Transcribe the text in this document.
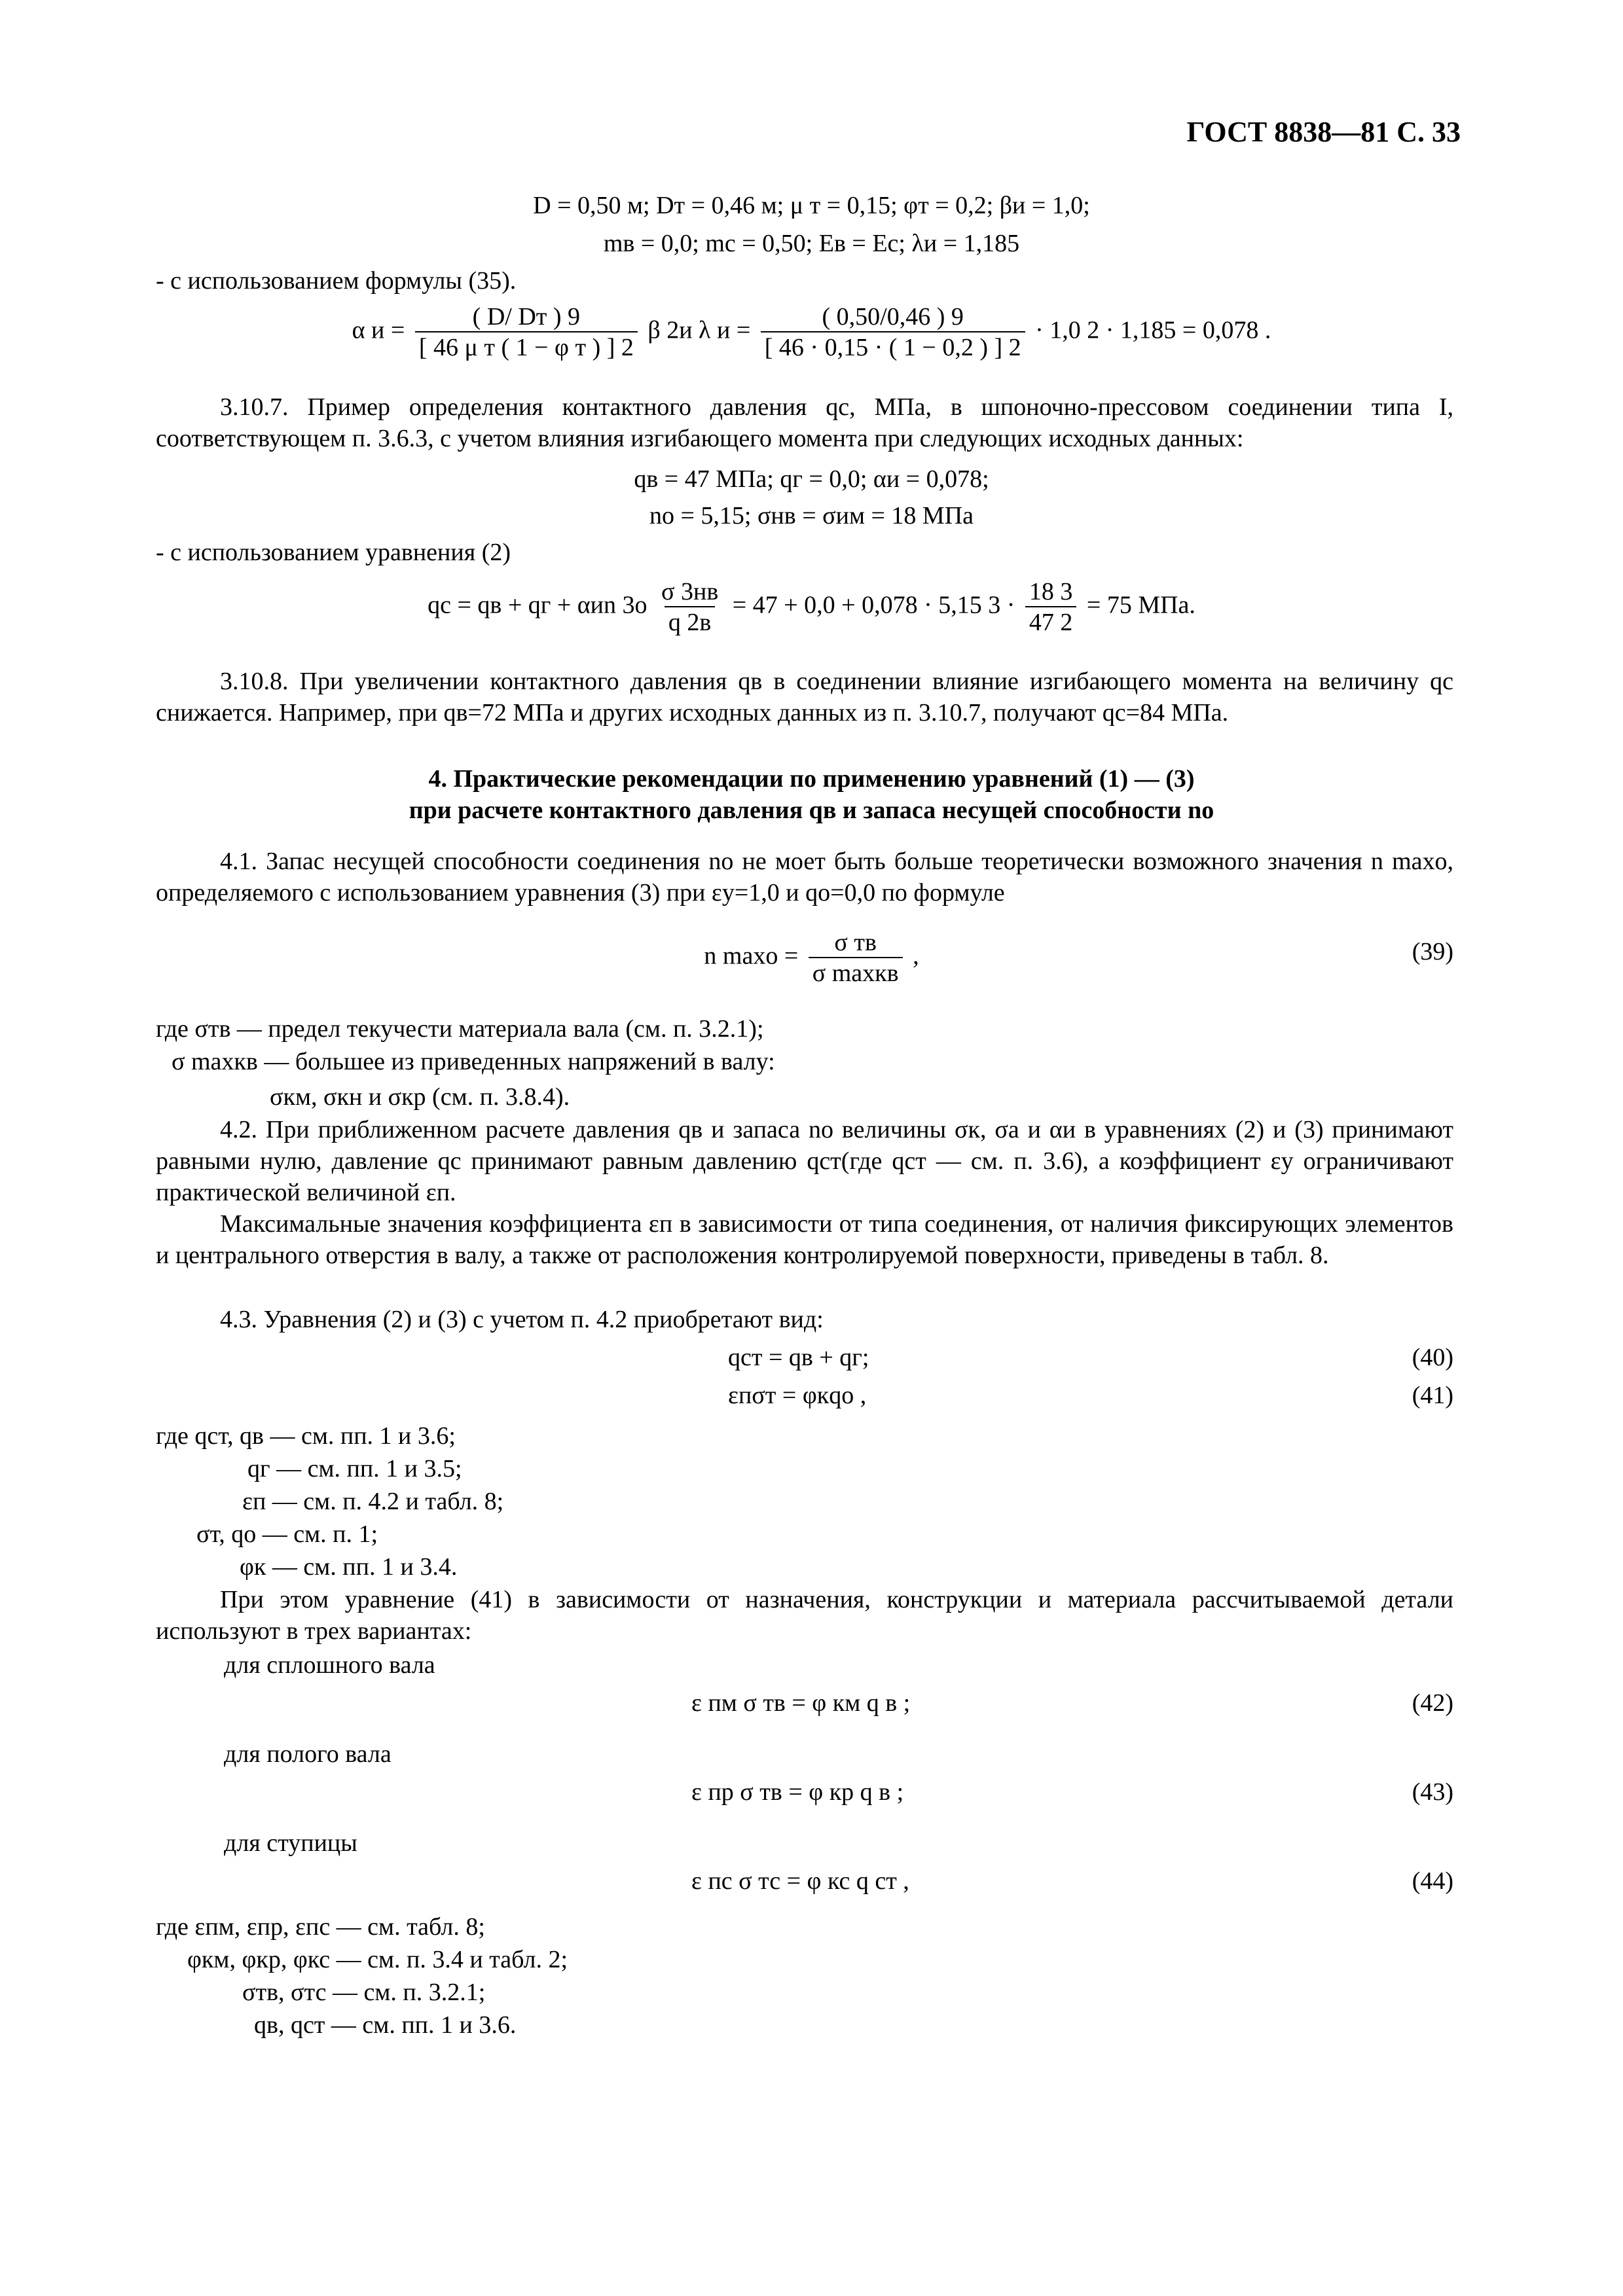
ГОСТ 8838—81 С. 33
D = 0,50 м; Dт = 0,46 м; μ т = 0,15; φт = 0,2; βи = 1,0;
mв = 0,0; mс = 0,50; Eв = Eс; λи = 1,185
- с использованием формулы (35).
α и =	( D/ Dт ) 9
[ 46 μ т ( 1 − φ т ) ] 2
β 2и λ $и = \frac{( 0,50/0,46 ) 9}{[ 46 \cdot 0,15 \cdot ( 1 - 0,2 ) ] 2} \cdot 1,0$ 2 · 1,185 = 0,078 .
3.10.7. Пример определения контактного давления qс, МПа, в шпоночно-прессовом соединении типа I, соответствующем п. 3.6.3, с учетом влияния изгибающего момента при следующих исходных данных:
qв = 47 МПа; qг = 0,0; αи = 0,078;
nо = 5,15; σнв = σим = 18 МПа
- с использованием уравнения (2)
qс = qв + qг + αиn 3о σ 3нв
q 2в
= 47 + 0,0 + 0,078 · 5,15 $3 \cdot \frac{18 3}{47 2} = 75$ МПа.
3.10.8. При увеличении контактного давления qв в соединении влияние изгибающего момента на величину qс снижается. Например, при qв=72 МПа и других исходных данных из п. 3.10.7, получают qс=84 МПа.
4. Практические рекомендации по применению уравнений (1) — (3)
при расчете контактного давления qв и запаса несущей способности nо
4.1. Запас несущей способности соединения nо не моет быть больше теоретически возможного значения n maxо, определяемого с использованием уравнения (3) при εу=1,0 и qо=0,0 по формуле
n maxо = σ тв
σ maxкв
,	(39)
где σтв — предел текучести материала вала (см. п. 3.2.1);
σ maxкв — большее из приведенных напряжений в валу:
σкм, σкн и σкр (см. п. 3.8.4).
4.2. При приближенном расчете давления qв и запаса nо величины σк, σа и αи в уравнениях (2) и (3) принимают равными нулю, давление qс принимают равным давлению qст(где qст — см. п. 3.6), а коэффициент εу ограничивают практической величиной εп.
Максимальные значения коэффициента εп в зависимости от типа соединения, от наличия фиксирующих элементов и центрального отверстия в валу, а также от расположения контролируемой поверхности, приведены в табл. 8.
4.3. Уравнения (2) и (3) с учетом п. 4.2 приобретают вид:
qст = qв + qг;	(40)
εпσт = φкqо ,	(41)
где qст, qв — см. пп. 1 и 3.6;
qг — см. пп. 1 и 3.5;
εп — см. п. 4.2 и табл. 8;
σт, qо — см. п. 1;
φк — см. пп. 1 и 3.4.
При этом уравнение (41) в зависимости от назначения, конструкции и материала рассчитываемой детали используют в трех вариантах:
для сплошного вала
ε пм σ тв = φ км q в ;	(42)
для полого вала
ε пр σ тв = φ кр q в ;	(43)
для ступицы
ε пс σ тс = φ кс q ст ,	(44)
где εпм, εпр, εпс — см. табл. 8;
φкм, φкр, φкс — см. п. 3.4 и табл. 2;
σтв, σтс — см. п. 3.2.1;
qв, qст — см. пп. 1 и 3.6.
